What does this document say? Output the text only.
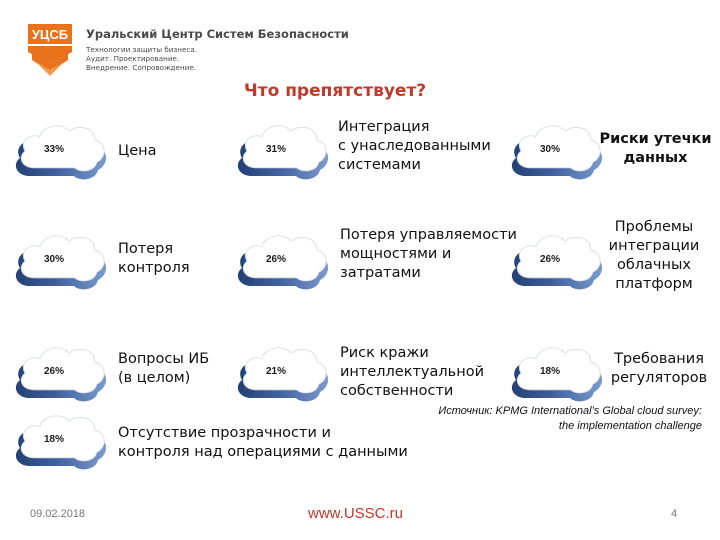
УЦСБ Уральский Центр Систем Безопасности
Технологии защиты бизнеса.
Аудит. Проектирование.
Внедрение. Сопровождение.
Что препятствует?
33%	Цена
30%
Потеря
контроля
26%
Вопросы ИБ
(в целом)
18%	Отсутствие прозрачности и
контроля над операциями с данными
31%
Интеграция
с унаследованными
системами
26%
Потеря управляемости
мощностями и
затратами
21%
Риск кражи
интеллектуальной
собственности
30%
Риски утечки
данных
26%
Проблемы
интеграции
облачных
платформ
18%
Требования
регуляторов
Источник: KPMG International’s Global cloud survey:
the implementation challenge
09.02.2018	www.USSC.ru	4
